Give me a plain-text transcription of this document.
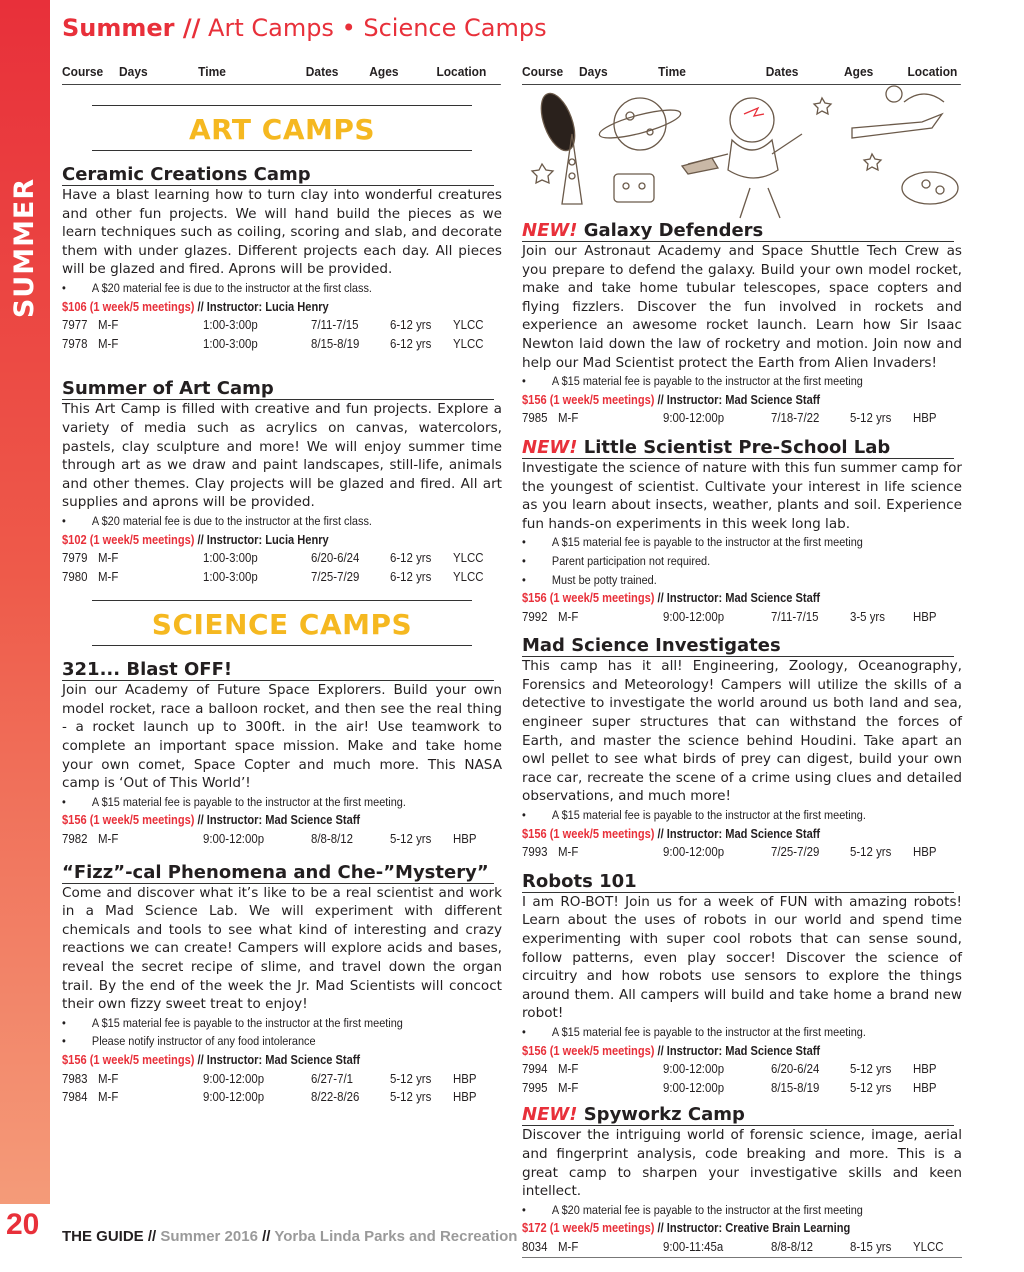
SUMMER
20
Summer // Art Camps • Science Camps
Course	Days	Time	Dates	Ages	Location
ART CAMPS
Ceramic Creations Camp
Have a blast learning how to turn clay into wonderful creatures and other fun projects. We will hand build the pieces as we learn techniques such as coiling, scoring and slab, and decorate them with under glazes. Different projects each day. All pieces will be glazed and fired. Aprons will be provided.
• A $20 material fee is due to the instructor at the first class.
$106 (1 week/5 meetings) // Instructor: Lucia Henry
7977 M-F	1:00-3:00p	7/11-7/15 6-12 yrs YLCC
7978 M-F	1:00-3:00p	8/15-8/19 6-12 yrs YLCC
Summer of Art Camp
This Art Camp is filled with creative and fun projects. Explore a variety of media such as acrylics on canvas, watercolors, pastels, clay sculpture and more! We will enjoy summer time through art as we draw and paint landscapes, still-life, animals and other themes. Clay projects will be glazed and fired. All art supplies and aprons will be provided.
• A $20 material fee is due to the instructor at the first class.
$102 (1 week/5 meetings) // Instructor: Lucia Henry
7979 M-F	1:00-3:00p	6/20-6/24 6-12 yrs YLCC
7980 M-F	1:00-3:00p	7/25-7/29 6-12 yrs YLCC
SCIENCE CAMPS
321... Blast OFF!
Join our Academy of Future Space Explorers. Build your own model rocket, race a balloon rocket, and then see the real thing - a rocket launch up to 300ft. in the air! Use teamwork to complete an important space mission. Make and take home your own comet, Space Copter and much more. This NASA camp is ‘Out of This World’!
• A $15 material fee is payable to the instructor at the first meeting.
$156 (1 week/5 meetings) // Instructor: Mad Science Staff
7982 M-F	9:00-12:00p	8/8-8/12	5-12 yrs HBP
“Fizz”-cal Phenomena and Che-”Mystery”
Come and discover what it’s like to be a real scientist and work in a Mad Science Lab. We will experiment with different chemicals and tools to see what kind of interesting and crazy reactions we can create! Campers will explore acids and bases, reveal the secret recipe of slime, and travel down the organ trail. By the end of the week the Jr. Mad Scientists will concoct their own fizzy sweet treat to enjoy!
• A $15 material fee is payable to the instructor at the first meeting
• Please notify instructor of any food intolerance
$156 (1 week/5 meetings) // Instructor: Mad Science Staff
7983 M-F	9:00-12:00p	6/27-7/1	5-12 yrs HBP
7984 M-F	9:00-12:00p	8/22-8/26 5-12 yrs HBP
Course	Days	Time	Dates	Ages	Location
NEW! Galaxy Defenders
Join our Astronaut Academy and Space Shuttle Tech Crew as you prepare to defend the galaxy. Build your own model rocket, make and take home tubular telescopes, space copters and flying fizzlers. Discover the fun involved in rockets and experience an awesome rocket launch. Learn how Sir Isaac Newton laid down the law of rocketry and motion. Join now and help our Mad Scientist protect the Earth from Alien Invaders!
• A $15 material fee is payable to the instructor at the first meeting
$156 (1 week/5 meetings) // Instructor: Mad Science Staff
7985 M-F	9:00-12:00p	7/18-7/22 5-12 yrs HBP
NEW! Little Scientist Pre-School Lab
Investigate the science of nature with this fun summer camp for the youngest of scientist. Cultivate your interest in life science as you learn about insects, weather, plants and soil. Experience fun hands-on experiments in this week long lab.
• A $15 material fee is payable to the instructor at the first meeting
• Parent participation not required.
• Must be potty trained.
$156 (1 week/5 meetings) // Instructor: Mad Science Staff
7992 M-F	9:00-12:00p	7/11-7/15 3-5 yrs HBP
Mad Science Investigates
This camp has it all! Engineering, Zoology, Oceanography, Forensics and Meteorology! Campers will utilize the skills of a detective to investigate the world around us both land and sea, engineer super structures that can withstand the forces of Earth, and master the science behind Houdini. Take apart an owl pellet to see what birds of prey can digest, build your own race car, recreate the scene of a crime using clues and detailed observations, and much more!
• A $15 material fee is payable to the instructor at the first meeting.
$156 (1 week/5 meetings) // Instructor: Mad Science Staff
7993 M-F	9:00-12:00p	7/25-7/29 5-12 yrs HBP
Robots 101
I am RO-BOT! Join us for a week of FUN with amazing robots! Learn about the uses of robots in our world and spend time experimenting with super cool robots that can sense sound, follow patterns, even play soccer! Discover the science of circuitry and how robots use sensors to explore the things around them. All campers will build and take home a brand new robot!
• A $15 material fee is payable to the instructor at the first meeting.
$156 (1 week/5 meetings) // Instructor: Mad Science Staff
7994 M-F	9:00-12:00p	6/20-6/24 5-12 yrs HBP
7995 M-F	9:00-12:00p	8/15-8/19 5-12 yrs HBP
NEW! Spyworkz Camp
Discover the intriguing world of forensic science, image, aerial and fingerprint analysis, code breaking and more. This is a great camp to sharpen your investigative skills and keen intellect.
• A $20 material fee is payable to the instructor at the first meeting
$172 (1 week/5 meetings) // Instructor: Creative Brain Learning
8034 M-F	9:00-11:45a	8/8-8/12	8-15 yrs YLCC
THE GUIDE // Summer 2016 // Yorba Linda Parks and Recreation
